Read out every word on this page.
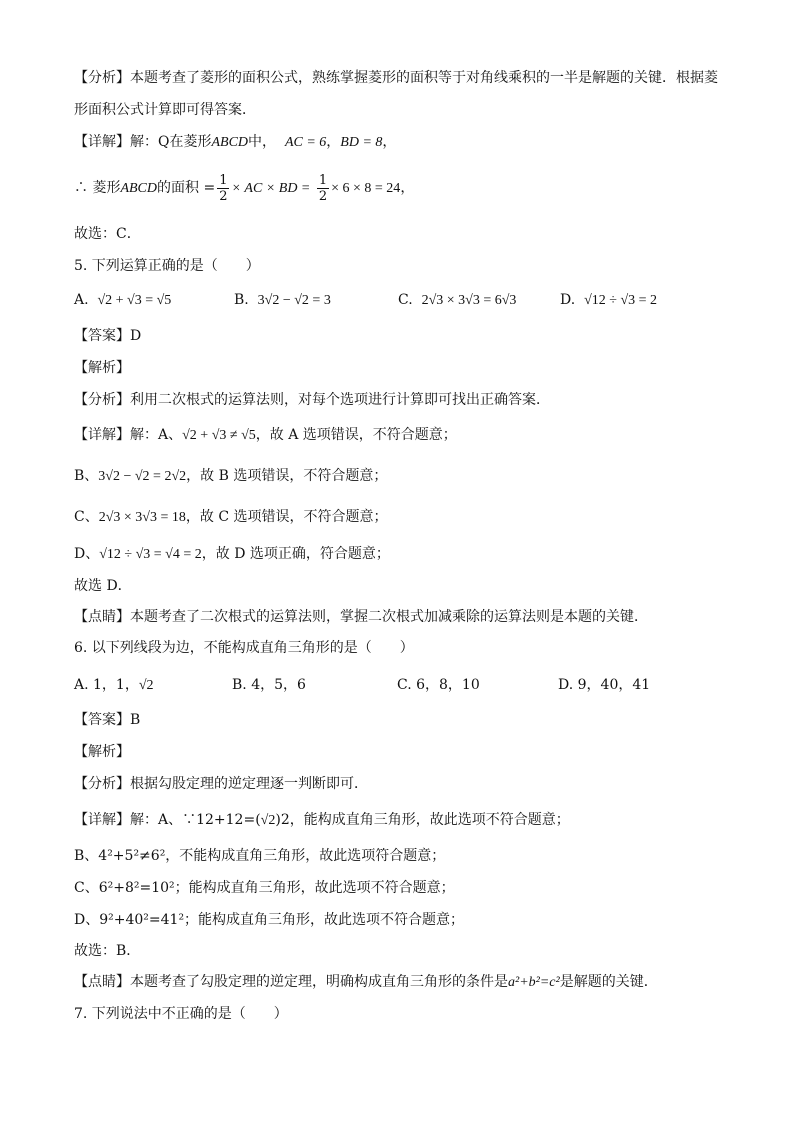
【分析】本题考查了菱形的面积公式，熟练掌握菱形的面积等于对角线乘积的一半是解题的关键．根据菱
形面积公式计算即可得答案．
【详解】解：Q在菱形ABCD中， AC = 6，BD = 8，
∴ 菱形ABCD的面积 = $\frac{1}{2}$ × AC × BD = $\frac{1}{2} \times 6 \times 8 = 24$，
故选：C．
5. 下列运算正确的是（　　）
A. √2 + √3 = √5	B. 3√2 − √2 = 3	C. 2√3 × 3√3 = 6√3	D. √12 ÷ √3 = 2
【答案】D
【解析】
【分析】利用二次根式的运算法则，对每个选项进行计算即可找出正确答案．
【详解】解：A、√2 + √3 ≠ √5，故 A 选项错误，不符合题意；
B、3√2 − √2 = 2√2，故 B 选项错误，不符合题意；
C、2√3 × 3√3 = 18，故 C 选项错误，不符合题意；
D、√12 ÷ √3 = √4 = 2，故 D 选项正确，符合题意；
故选 D．
【点睛】本题考查了二次根式的运算法则，掌握二次根式加减乘除的运算法则是本题的关键．
6. 以下列线段为边，不能构成直角三角形的是（　　）
A. 1，1，√2	B. 4，5，6	C. 6，8，10	D. 9，40，41
【答案】B
【解析】
【分析】根据勾股定理的逆定理逐一判断即可．
【详解】解：A、∵12+12=(√2)2，能构成直角三角形，故此选项不符合题意；
B、4²+5²≠6²，不能构成直角三角形，故此选项符合题意；
C、6²+8²=10²；能构成直角三角形，故此选项不符合题意；
D、9²+40²=41²；能构成直角三角形，故此选项不符合题意；
故选：B．
【点睛】本题考查了勾股定理的逆定理，明确构成直角三角形的条件是a²+b²=c²是解题的关键．
7. 下列说法中不正确的是（　　）
